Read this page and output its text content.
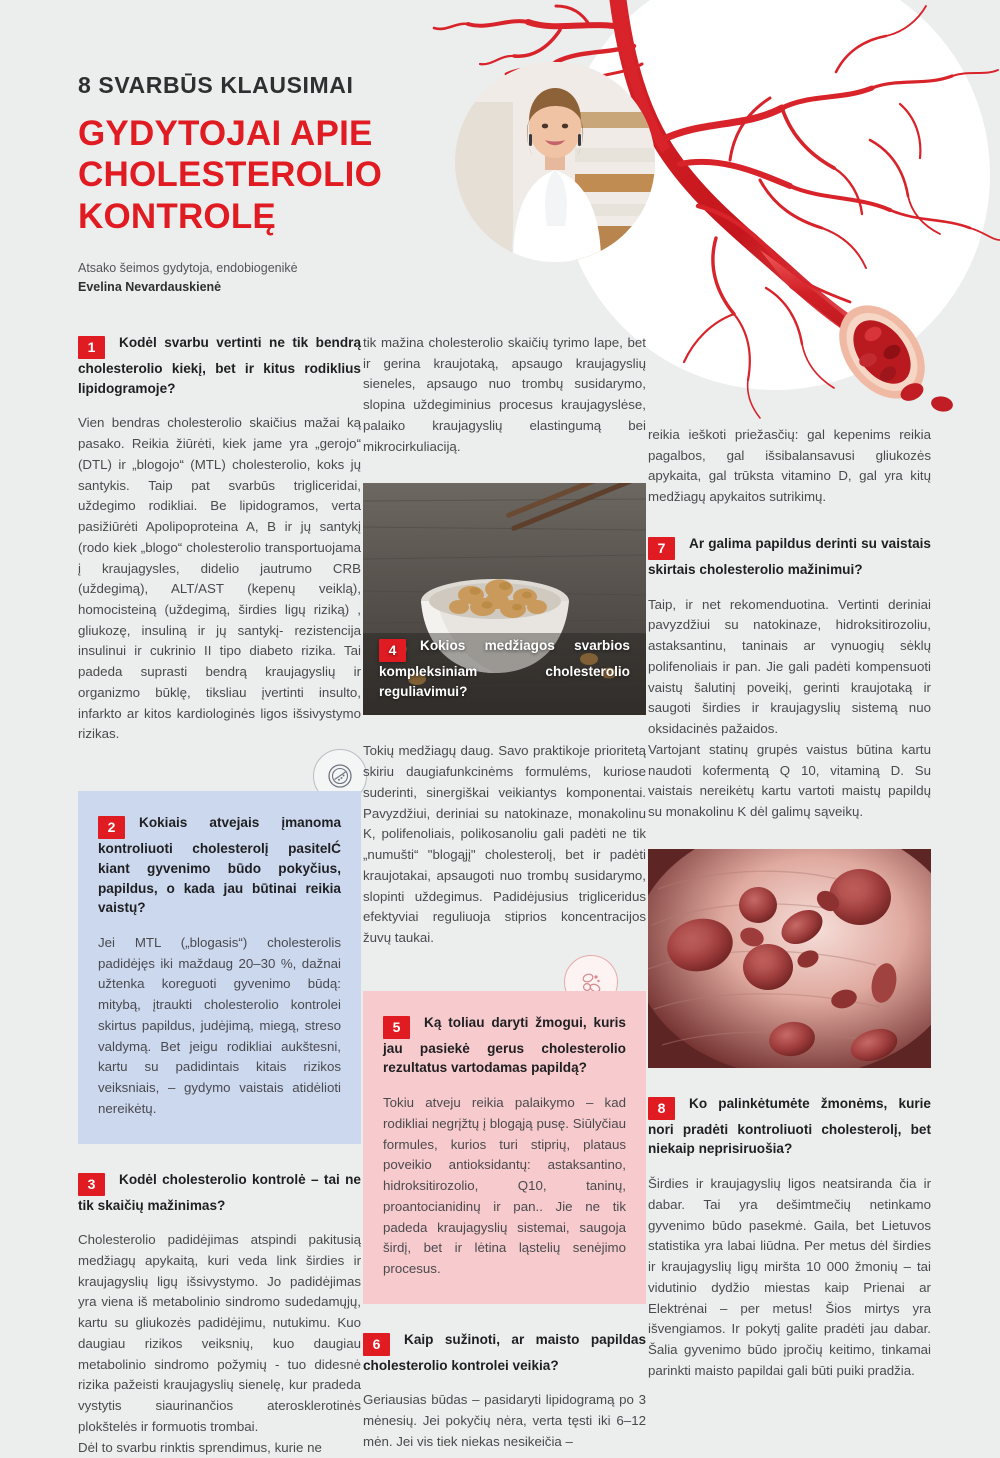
8 SVARBŪS KLAUSIMAI
GYDYTOJAI APIE
CHOLESTEROLIO
KONTROLĘ
Atsako šeimos gydytoja, endobiogenikė
Evelina Nevardauskienė
1 Kodėl svarbu vertinti ne tik bendrą cholesterolio kiekį, bet ir kitus rodiklius lipidogramoje?

Vien bendras cholesterolio skaičius mažai ką pasako. Reikia žiūrėti, kiek jame yra „gerojo“ (DTL) ir „blogojo“ (MTL) cholesterolio, koks jų santykis. Taip pat svarbūs trigliceridai, uždegimo rodikliai. Be lipidogramos, verta pasižiūrėti Apolipoproteina A, B ir jų santykį (rodo kiek „blogo“ cholesterolio transportuojama į kraujagysles, didelio jautrumo CRB (uždegimą), ALT/AST (kepenų veiklą), homocisteiną (uždegimą, širdies ligų riziką) , gliukozę, insuliną ir jų santykį- rezistencija insulinui ir cukrinio II tipo diabeto rizika. Tai padeda suprasti bendrą kraujagyslių ir organizmo būklę, tiksliau įvertinti insulto, infarkto ar kitos kardiologinės ligos išsivystymo rizikas.

2 Kokiais atvejais įmanoma kontroliuoti cholesterolį pasitelĆ kiant gyvenimo būdo pokyčius, papildus, o kada jau būtinai reikia vaistų?

Jei MTL („blogasis“) cholesterolis padidėjęs iki maždaug 20–30 %, dažnai užtenka koreguoti gyvenimo būdą: mitybą, įtraukti cholesterolio kontrolei skirtus papildus, judėjimą, miegą, streso valdymą. Bet jeigu rodikliai aukštesni, kartu su padidintais kitais rizikos veiksniais, – gydymo vaistais atidėlioti nereikėtų.

3 Kodėl cholesterolio kontrolė – tai ne tik skaičių mažinimas?

Cholesterolio padidėjimas atspindi pakitusią medžiagų apykaitą, kuri veda link širdies ir kraujagyslių ligų išsivystymo. Jo padidėjimas yra viena iš metabolinio sindromo sudedamųjų, kartu su gliukozės padidėjimu, nutukimu. Kuo daugiau rizikos veiksnių, kuo daugiau metabolinio sindromo požymių - tuo didesnė rizika pažeisti kraujagyslių sienelę, kur pradeda vystytis siaurinančios aterosklerotinės plokštelės ir formuotis trombai.

Dėl to svarbu rinktis sprendimus, kurie ne

tik mažina cholesterolio skaičių tyrimo lape, bet ir gerina kraujotaką, apsaugo kraujagyslių sieneles, apsaugo nuo trombų susidarymo, slopina uždegiminius procesus kraujagyslėse, palaiko kraujagyslių elastingumą bei mikrocirkuliaciją.

4 Kokios medžiagos svarbios kompleksiniam cholesterolio reguliavimui?

Tokių medžiagų daug. Savo praktikoje prioritetą skiriu daugiafunkcinėms formulėms, kuriose suderinti, sinergiškai veikiantys komponentai. Pavyzdžiui, deriniai su natokinaze, monakolinu K, polifenoliais, polikosanoliu gali padėti ne tik „numušti“ "blogąjį" cholesterolį, bet ir padėti kraujotakai, apsaugoti nuo trombų susidarymo, slopinti uždegimus. Padidėjusius trigliceridus efektyviai reguliuoja stiprios koncentracijos žuvų taukai.

5 Ką toliau daryti žmogui, kuris jau pasiekė gerus cholesterolio rezultatus vartodamas papildą?

Tokiu atveju reikia palaikymo – kad rodikliai negrįžtų į blogąją pusę. Siūlyčiau formules, kurios turi stiprių, plataus poveikio antioksidantų: astaksantino, hidroksitirozolio, Q10, taninų, proantocianidinų ir pan.. Jie ne tik padeda kraujagyslių sistemai, saugoja širdį, bet ir lėtina ląstelių senėjimo procesus.

6 Kaip sužinoti, ar maisto papildas cholesterolio kontrolei veikia?

Geriausias būdas – pasidaryti lipidogramą po 3 mėnesių. Jei pokyčių nėra, verta tęsti iki 6–12 mėn. Jei vis tiek niekas nesikeičia –

reikia ieškoti priežasčių: gal kepenims reikia pagalbos, gal išsibalansavusi gliukozės apykaita, gal trūksta vitamino D, gal yra kitų medžiagų apykaitos sutrikimų.

7 Ar galima papildus derinti su vaistais skirtais cholesterolio mažinimui?

Taip, ir net rekomenduotina. Vertinti deriniai pavyzdžiui su natokinaze, hidroksitirozoliu, astaksantinu, taninais ar vynuogių sėklų polifenoliais ir pan. Jie gali padėti kompensuoti vaistų šalutinį poveikį, gerinti kraujotaką ir saugoti širdies ir kraujagyslių sistemą nuo oksidacinės pažaidos.

Vartojant statinų grupės vaistus būtina kartu naudoti kofermentą Q 10, vitaminą D. Su vaistais nereikėtų kartu vartoti maistų papildų su monakolinu K dėl galimų sąveikų.

8 Ko palinkėtumėte žmonėms, kurie nori pradėti kontroliuoti cholesterolį, bet niekaip neprisiruošia?

Širdies ir kraujagyslių ligos neatsiranda čia ir dabar. Tai yra dešimtmečių netinkamo gyvenimo būdo pasekmė. Gaila, bet Lietuvos statistika yra labai liūdna. Per metus dėl širdies ir kraujagyslių ligų miršta 10 000 žmonių – tai vidutinio dydžio miestas kaip Prienai ar Elektrėnai – per metus! Šios mirtys yra išvengiamos. Ir pokytį galite pradėti jau dabar. Šalia gyvenimo būdo įpročių keitimo, tinkamai parinkti maisto papildai gali būti puiki pradžia.
